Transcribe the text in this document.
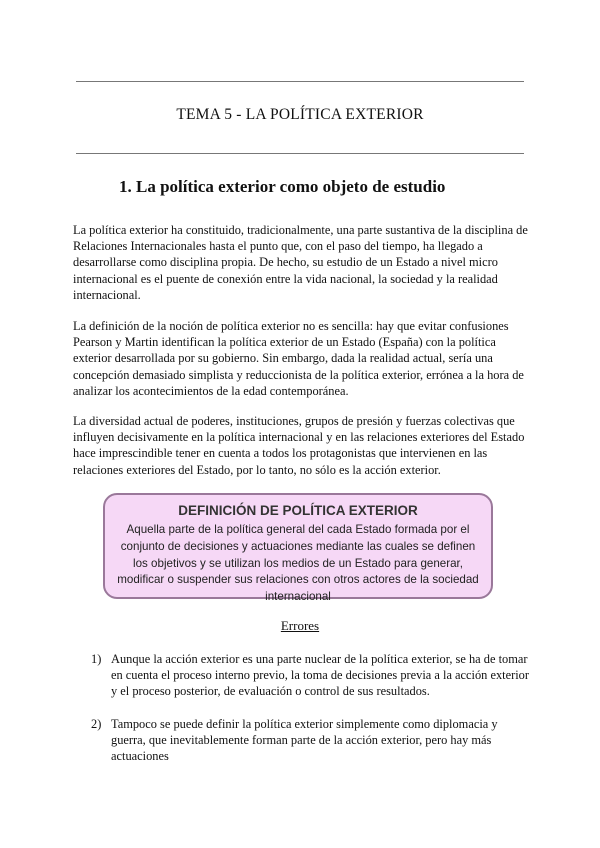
TEMA 5 - LA POLÍTICA EXTERIOR
1. La política exterior como objeto de estudio

La política exterior ha constituido, tradicionalmente, una parte sustantiva de la disciplina de Relaciones Internacionales hasta el punto que, con el paso del tiempo, ha llegado a desarrollarse como disciplina propia. De hecho, su estudio de un Estado a nivel micro internacional es el puente de conexión entre la vida nacional, la sociedad y la realidad internacional.

La definición de la noción de política exterior no es sencilla: hay que evitar confusiones Pearson y Martin identifican la política exterior de un Estado (España) con la política exterior desarrollada por su gobierno. Sin embargo, dada la realidad actual, sería una concepción demasiado simplista y reduccionista de la política exterior, errónea a la hora de analizar los acontecimientos de la edad contemporánea.

La diversidad actual de poderes, instituciones, grupos de presión y fuerzas colectivas que influyen decisivamente en la política internacional y en las relaciones exteriores del Estado hace imprescindible tener en cuenta a todos los protagonistas que intervienen en las relaciones exteriores del Estado, por lo tanto, no sólo es la acción exterior.

DEFINICIÓN DE POLÍTICA EXTERIOR
Aquella parte de la política general del cada Estado formada por el conjunto de decisiones y actuaciones mediante las cuales se definen los objetivos y se utilizan los medios de un Estado para generar, modificar o suspender sus relaciones con otros actores de la sociedad internacional
Errores
1) Aunque la acción exterior es una parte nuclear de la política exterior, se ha de tomar en cuenta el proceso interno previo, la toma de decisiones previa a la acción exterior y el proceso posterior, de evaluación o control de sus resultados.
2) Tampoco se puede definir la política exterior simplemente como diplomacia y guerra, que inevitablemente forman parte de la acción exterior, pero hay más actuaciones
